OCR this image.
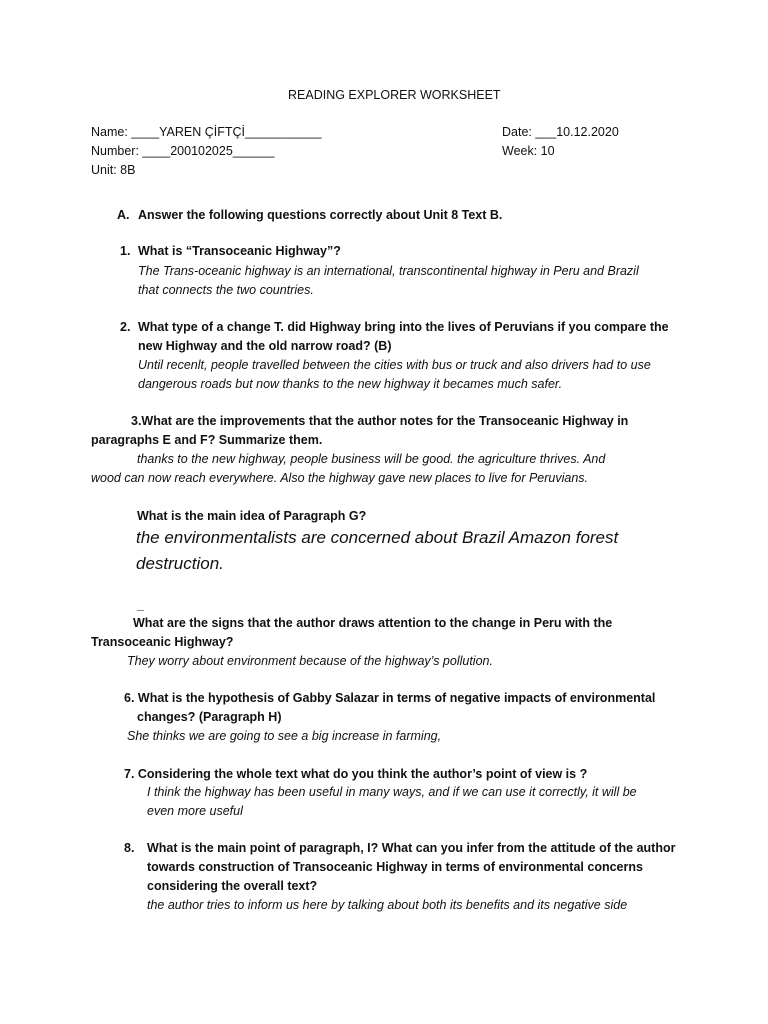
READING EXPLORER WORKSHEET
Name: ____YAREN ÇİFTÇİ___________	Date: ___10.12.2020
Number: ____200102025______	Week: 10
Unit: 8B
A. Answer the following questions correctly about Unit 8 Text B.
1. What is “Transoceanic Highway”?
The Trans-oceanic highway is an international, transcontinental highway in Peru and Brazil
that connects the two countries.
2. What type of a change T. did Highway bring into the lives of Peruvians if you compare the
new Highway and the old narrow road? (B)
Until recenlt, people travelled between the cities with bus or truck and also drivers had to use
dangerous roads but now thanks to the new highway it becames much safer.
3.What are the improvements that the author notes for the Transoceanic Highway in
paragraphs E and F? Summarize them.
thanks to the new highway, people business will be good. the agriculture thrives. And
wood can now reach everywhere. Also the highway gave new places to live for Peruvians.
What is the main idea of Paragraph G?
the environmentalists are concerned about Brazil Amazon forest
destruction.
_
What are the signs that the author draws attention to the change in Peru with the
Transoceanic Highway?
They worry about environment because of the highway’s pollution.
6. What is the hypothesis of Gabby Salazar in terms of negative impacts of environmental
changes? (Paragraph H)
She thinks we are going to see a big increase in farming,
7. Considering the whole text what do you think the author’s point of view is ?
I think the highway has been useful in many ways, and if we can use it correctly, it will be
even more useful
8. What is the main point of paragraph, I? What can you infer from the attitude of the author
towards construction of Transoceanic Highway in terms of environmental concerns
considering the overall text?
the author tries to inform us here by talking about both its benefits and its negative side
